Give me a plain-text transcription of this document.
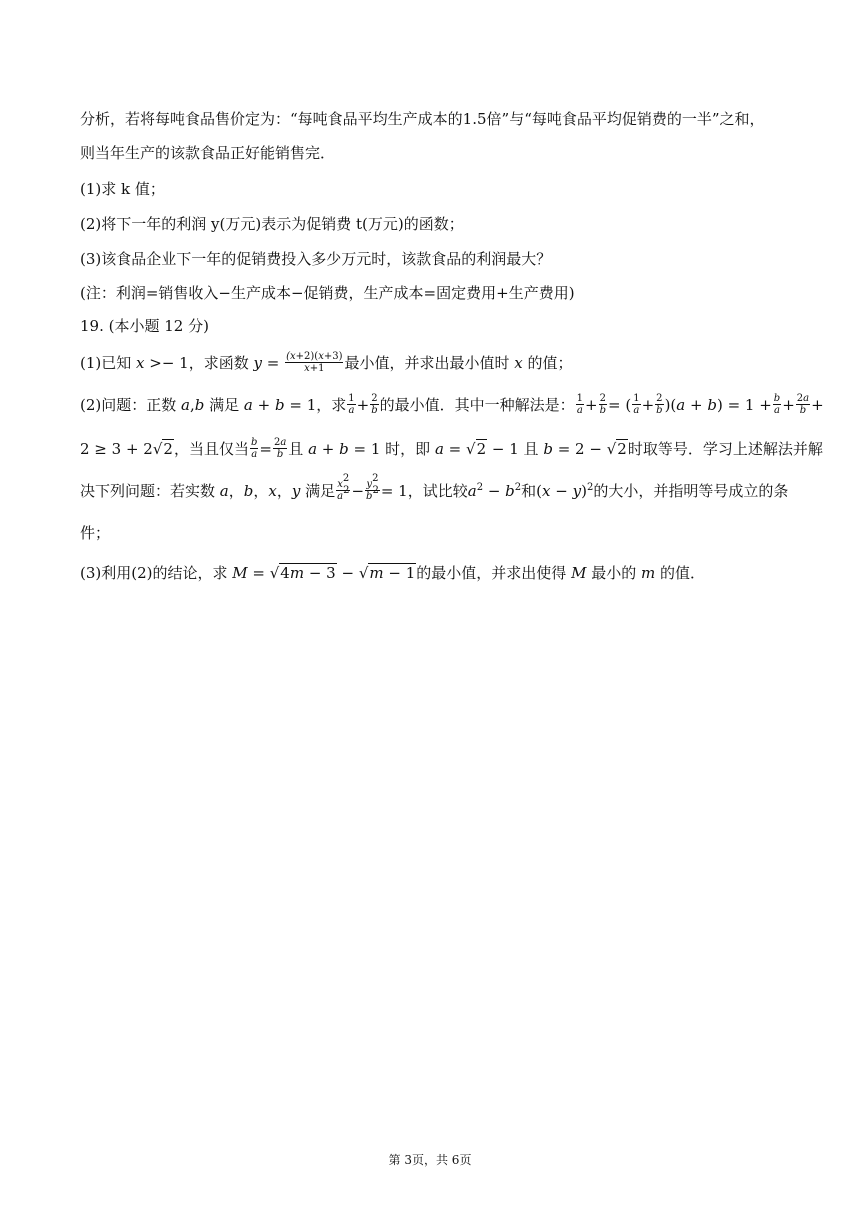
分析，若将每吨食品售价定为：“每吨食品平均生产成本的1.5倍”与“每吨食品平均促销费的一半”之和，
则当年生产的该款食品正好能销售完．
(1)求 k 值；
(2)将下一年的利润 y(万元)表示为促销费 t(万元)的函数；
(3)该食品企业下一年的促销费投入多少万元时，该款食品的利润最大？
(注：利润=销售收入−生产成本−促销费，生产成本=固定费用+生产费用)
19. (本小题 12 分)
(1)已知 x >− 1，求函数 $y = \frac{(x+2)(x+3)}{x+1}$ 最小值，并求出最小值时 x 的值；
(2)问题：正数 a,b 满足 a + b = 1，求 $\frac{1}{a} + \frac{2}{b}$ 的最小值．其中一种解法是： $\frac{1}{a} + \frac{2}{b}$ = ( $\frac{1}{a} + \frac{2}{b} )(a + b) = 1 + \frac{b}{a} + \frac{2a}{b}$ +
2 ≥ 3 + 2√2，当且仅当 $\frac{b}{a} = \frac{2a}{b}$ 且 a + b = 1 时，即 a = √2 − 1 且 b = 2 − √2时取等号．学习上述解法并解
决下列问题：若实数 a，b，x，y 满足 $\frac{x^2}{a^2} - \frac{y^2}{b^2} = 1$，试比较$a^2 - b^2$和$(x - y)^2$的大小，并指明等号成立的条
件；
(3)利用(2)的结论，求 M = √4m − 3 − √m − 1的最小值，并求出使得 M 最小的 m 的值．
第 3页，共 6页
